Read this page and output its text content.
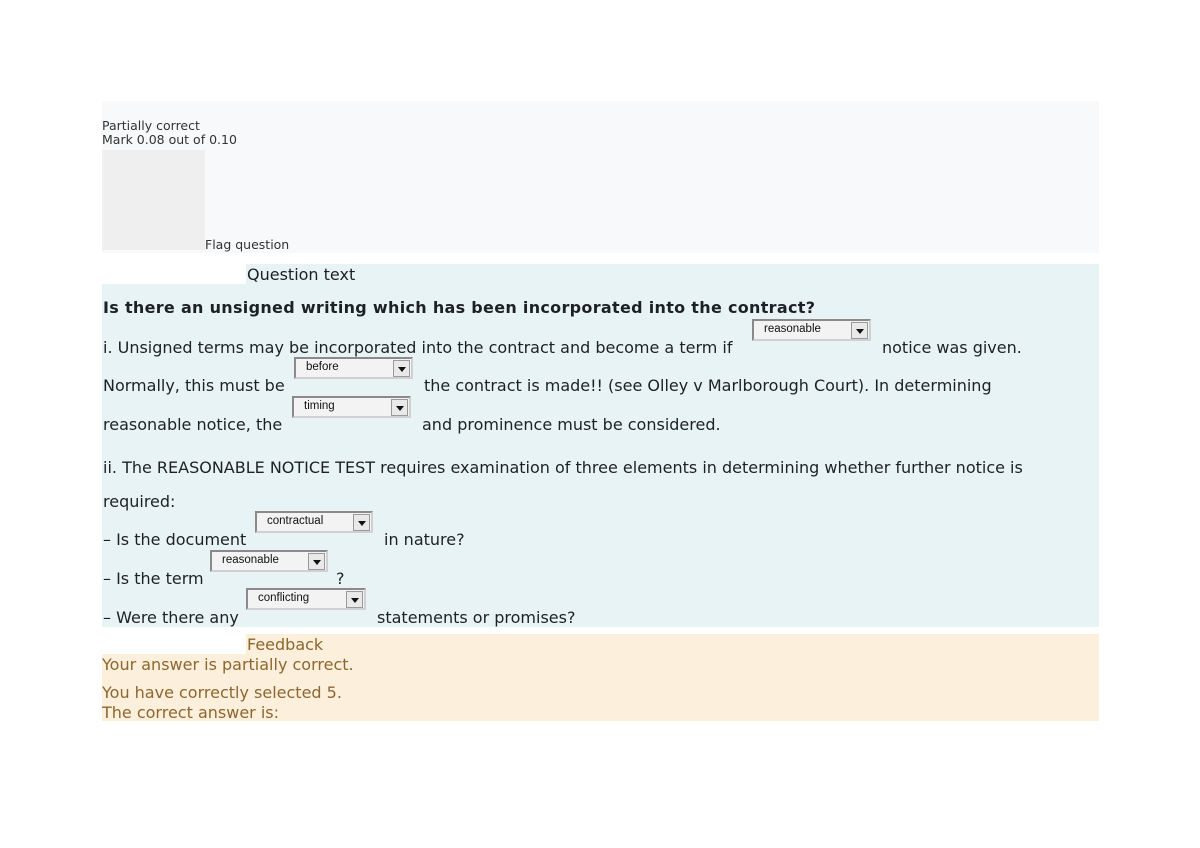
Partially correct
Mark 0.08 out of 0.10
Flag question
Question text
Is there an unsigned writing which has been incorporated into the contract?
i. Unsigned terms may be incorporated into the contract and become a term if	notice was given.
reasonable
Normally, this must be
before
the contract is made!! (see Olley v Marlborough Court). In determining
reasonable notice, the
timing
and prominence must be considered.
ii. The REASONABLE NOTICE TEST requires examination of three elements in determining whether further notice is
required:
– Is the document
contractual
in nature?
– Is the term
reasonable
?
– Were there any
conflicting
statements or promises?
Feedback
Your answer is partially correct.
You have correctly selected 5.
The correct answer is:
